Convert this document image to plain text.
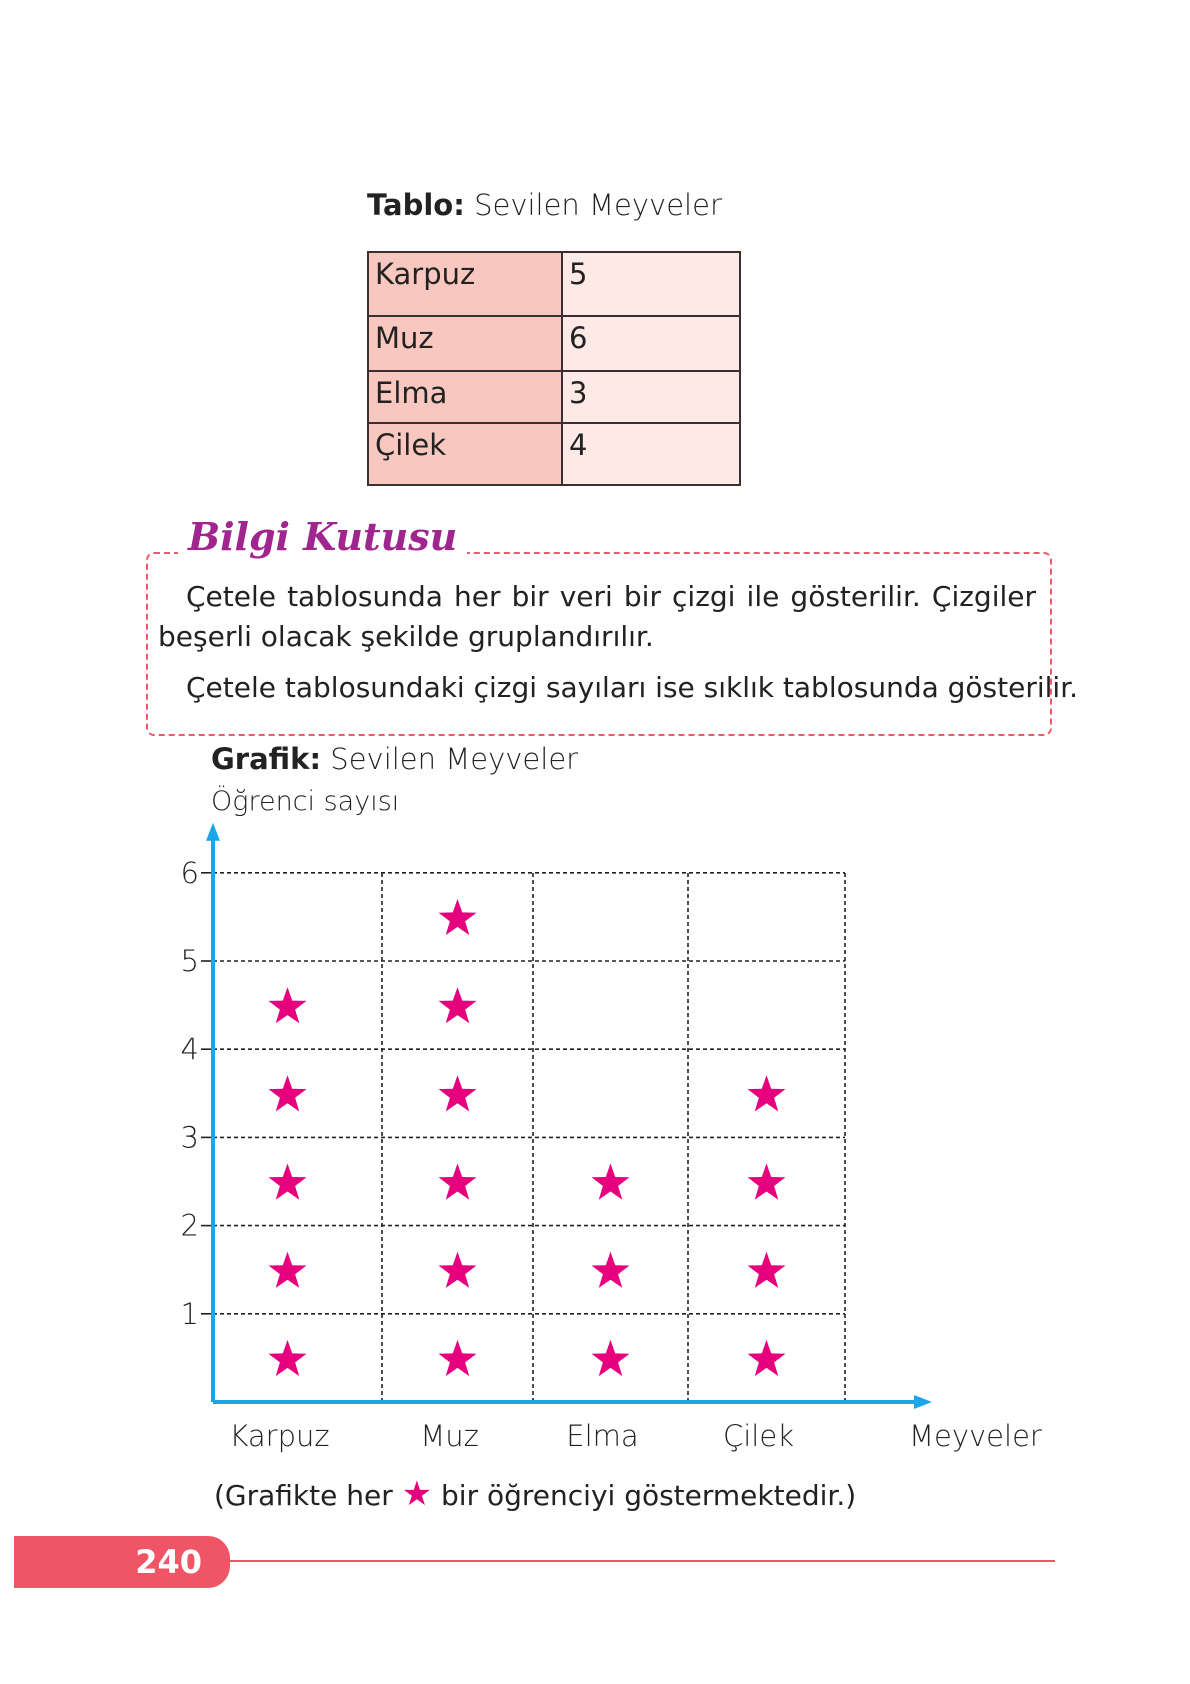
Tablo: Sevilen Meyveler
Karpuz	5
Muz	6
Elma	3
Çilek	4
Bilgi Kutusu
Çetele tablosunda her bir veri bir çizgi ile gösterilir. Çizgiler
beşerli olacak şekilde gruplandırılır.
Çetele tablosundaki çizgi sayıları ise sıklık tablosunda gösterilir.
Grafik: Sevilen Meyveler
Öğrenci sayısı
1
2
3
4
5
6
Karpuz	Muz	Elma	Çilek	Meyveler
(Grafikte her ★ bir öğrenciyi göstermektedir.)
240
